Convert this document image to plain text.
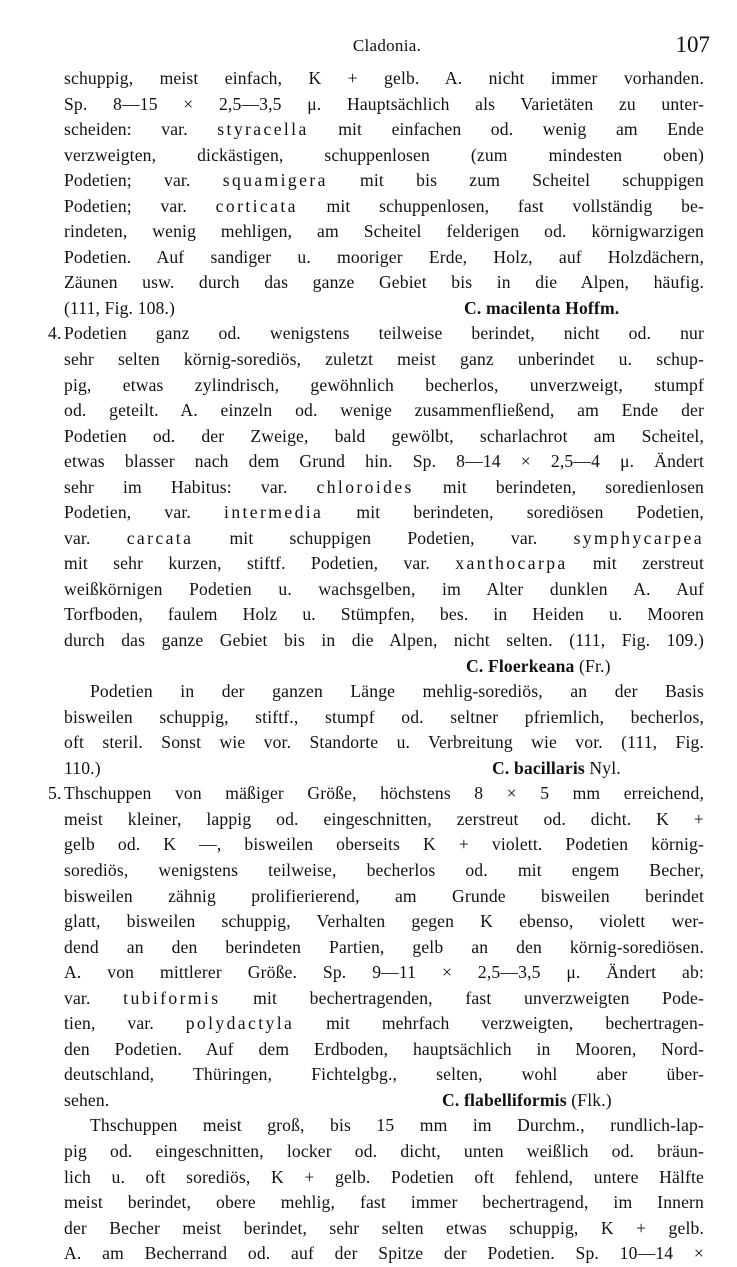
Cladonia.	107
schuppig, meist einfach, K + gelb. A. nicht immer vorhanden.
Sp. 8—15 × 2,5—3,5 μ. Hauptsächlich als Varietäten zu unter-
scheiden: var. styracella mit einfachen od. wenig am Ende
verzweigten, dickästigen, schuppenlosen (zum mindesten oben)
Podetien; var. squamigera mit bis zum Scheitel schuppigen
Podetien; var. corticata mit schuppenlosen, fast vollständig be-
rindeten, wenig mehligen, am Scheitel felderigen od. körnigwarzigen
Podetien. Auf sandiger u. mooriger Erde, Holz, auf Holzdächern,
Zäunen usw. durch das ganze Gebiet bis in die Alpen, häufig.
(111, Fig. 108.)	C. macilenta Hoffm.
4. Podetien ganz od. wenigstens teilweise berindet, nicht od. nur
sehr selten körnig-sorediös, zuletzt meist ganz unberindet u. schup-
pig, etwas zylindrisch, gewöhnlich becherlos, unverzweigt, stumpf
od. geteilt. A. einzeln od. wenige zusammenfließend, am Ende der
Podetien od. der Zweige, bald gewölbt, scharlachrot am Scheitel,
etwas blasser nach dem Grund hin. Sp. 8—14 × 2,5—4 μ. Ändert
sehr im Habitus: var. chloroides mit berindeten, soredienlosen
Podetien, var. intermedia mit berindeten, sorediösen Podetien,
var. carcata mit schuppigen Podetien, var. symphycarpea
mit sehr kurzen, stiftf. Podetien, var. xanthocarpa mit zerstreut
weißkörnigen Podetien u. wachsgelben, im Alter dunklen A. Auf
Torfboden, faulem Holz u. Stümpfen, bes. in Heiden u. Mooren
durch das ganze Gebiet bis in die Alpen, nicht selten. (111, Fig. 109.)
C. Floerkeana (Fr.)
Podetien in der ganzen Länge mehlig-sorediös, an der Basis
bisweilen schuppig, stiftf., stumpf od. seltner pfriemlich, becherlos,
oft steril. Sonst wie vor. Standorte u. Verbreitung wie vor. (111, Fig.
110.)	C. bacillaris Nyl.
5. Thschuppen von mäßiger Größe, höchstens 8 × 5 mm erreichend,
meist kleiner, lappig od. eingeschnitten, zerstreut od. dicht. K +
gelb od. K —, bisweilen oberseits K + violett. Podetien körnig-
sorediös, wenigstens teilweise, becherlos od. mit engem Becher,
bisweilen zähnig prolifierierend, am Grunde bisweilen berindet
glatt, bisweilen schuppig, Verhalten gegen K ebenso, violett wer-
dend an den berindeten Partien, gelb an den körnig-sorediösen.
A. von mittlerer Größe. Sp. 9—11 × 2,5—3,5 μ. Ändert ab:
var. tubiformis mit bechertragenden, fast unverzweigten Pode-
tien, var. polydactyla mit mehrfach verzweigten, bechertragen-
den Podetien. Auf dem Erdboden, hauptsächlich in Mooren, Nord-
deutschland, Thüringen, Fichtelgbg., selten, wohl aber über-
sehen.	C. flabelliformis (Flk.)
Thschuppen meist groß, bis 15 mm im Durchm., rundlich-lap-
pig od. eingeschnitten, locker od. dicht, unten weißlich od. bräun-
lich u. oft sorediös, K + gelb. Podetien oft fehlend, untere Hälfte
meist berindet, obere mehlig, fast immer bechertragend, im Innern
der Becher meist berindet, sehr selten etwas schuppig, K + gelb.
A. am Becherrand od. auf der Spitze der Podetien. Sp. 10—14 ×
